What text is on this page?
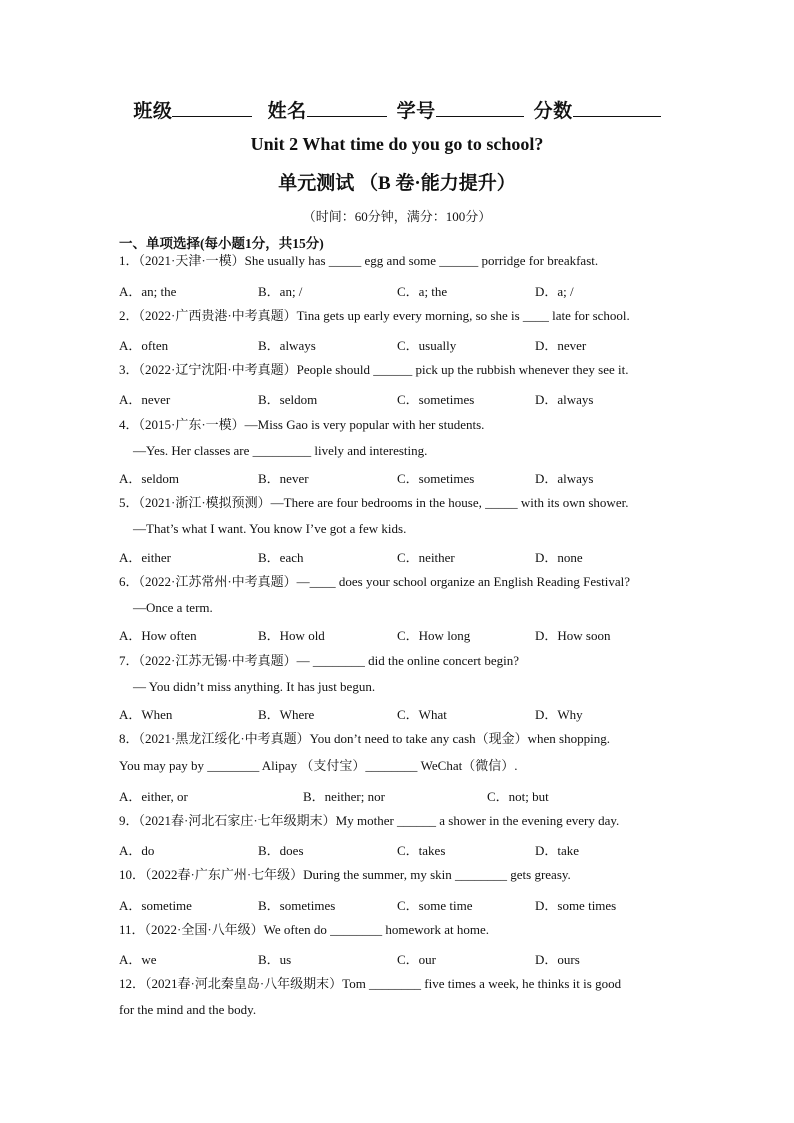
班级	姓名	学号	分数
Unit 2 What time do you go to school?
单元测试 （B 卷·能力提升）
（时间：60分钟，满分：100分）
一、单项选择(每小题1分，共15分)
1．（2021·天津·一模）She usually has _____ egg and some ______ porridge for breakfast.
A．an; the	B．an; /	C．a; the	D．a; /
2．（2022·广西贵港·中考真题）Tina gets up early every morning, so she is ____ late for school.
A．often	B．always	C．usually	D．never
3．（2022·辽宁沈阳·中考真题）People should ______ pick up the rubbish whenever they see it.
A．never	B．seldom	C．sometimes	D．always
4．（2015·广东·一模）—Miss Gao is very popular with her students.
—Yes. Her classes are _________ lively and interesting.
A．seldom	B．never	C．sometimes	D．always
5．（2021·浙江·模拟预测）—There are four bedrooms in the house, _____ with its own shower.
—That’s what I want. You know I’ve got a few kids.
A．either	B．each	C．neither	D．none
6．（2022·江苏常州·中考真题）—____ does your school organize an English Reading Festival?
—Once a term.
A．How often	B．How old	C．How long	D．How soon
7．（2022·江苏无锡·中考真题）— ________ did the online concert begin?
— You didn’t miss anything. It has just begun.
A．When	B．Where	C．What	D．Why
8．（2021·黑龙江绥化·中考真题）You don’t need to take any cash（现金）when shopping.
You may pay by ________ Alipay （支付宝）________ WeChat（微信）.
A．either, or	B．neither; nor	C．not; but
9．（2021春·河北石家庄·七年级期末）My mother ______ a shower in the evening every day.
A．do	B．does	C．takes	D．take
10．（2022春·广东广州·七年级）During the summer, my skin ________ gets greasy.
A．sometime	B．sometimes	C．some time	D．some times
11．（2022·全国·八年级）We often do ________ homework at home.
A．we	B．us	C．our	D．ours
12．（2021春·河北秦皇岛·八年级期末）Tom ________ five times a week, he thinks it is good
for the mind and the body.
